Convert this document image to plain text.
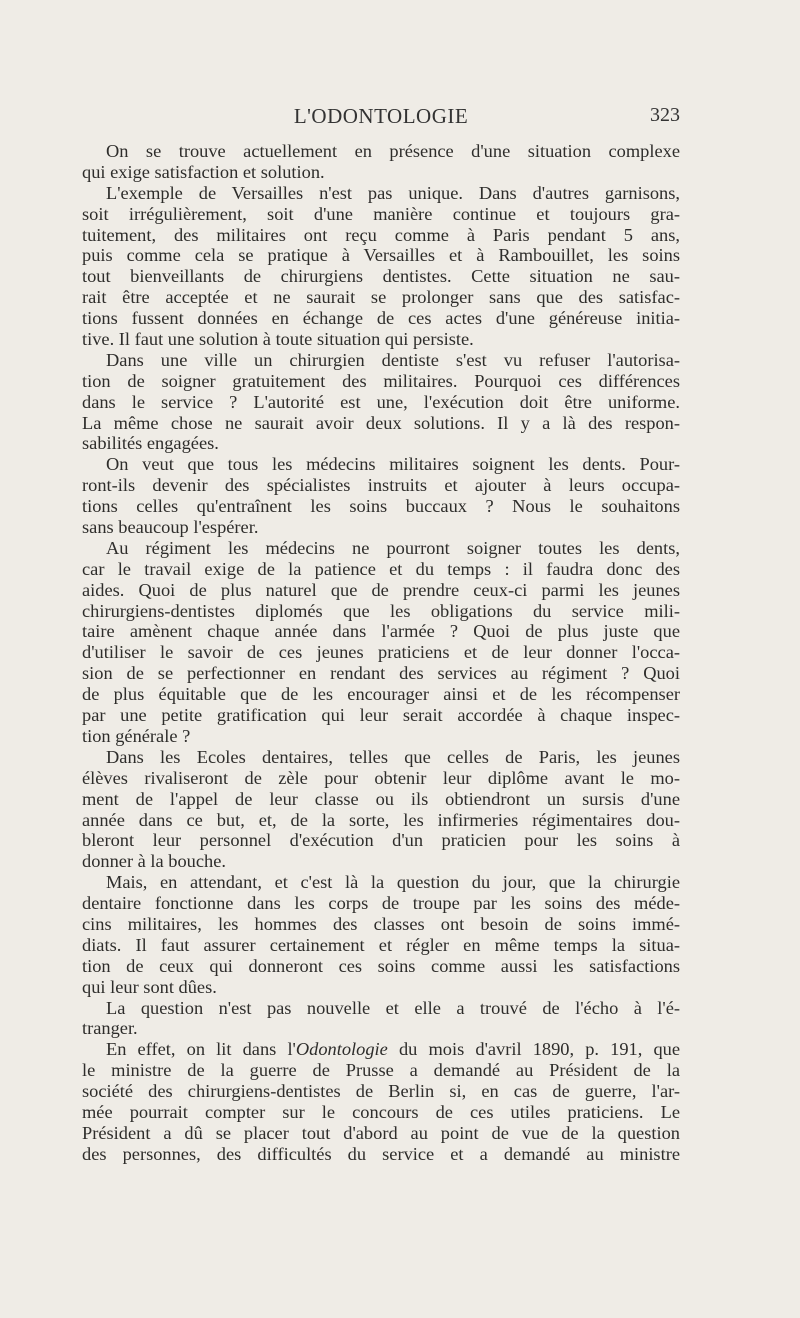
L'ODONTOLOGIE	323
On se trouve actuellement en présence d'une situation complexe
qui exige satisfaction et solution.
L'exemple de Versailles n'est pas unique. Dans d'autres garnisons,
soit irrégulièrement, soit d'une manière continue et toujours gra-
tuitement, des militaires ont reçu comme à Paris pendant 5 ans,
puis comme cela se pratique à Versailles et à Rambouillet, les soins
tout bienveillants de chirurgiens dentistes. Cette situation ne sau-
rait être acceptée et ne saurait se prolonger sans que des satisfac-
tions fussent données en échange de ces actes d'une généreuse initia-
tive. Il faut une solution à toute situation qui persiste.
Dans une ville un chirurgien dentiste s'est vu refuser l'autorisa-
tion de soigner gratuitement des militaires. Pourquoi ces différences
dans le service ? L'autorité est une, l'exécution doit être uniforme.
La même chose ne saurait avoir deux solutions. Il y a là des respon-
sabilités engagées.
On veut que tous les médecins militaires soignent les dents. Pour-
ront-ils devenir des spécialistes instruits et ajouter à leurs occupa-
tions celles qu'entraînent les soins buccaux ? Nous le souhaitons
sans beaucoup l'espérer.
Au régiment les médecins ne pourront soigner toutes les dents,
car le travail exige de la patience et du temps : il faudra donc des
aides. Quoi de plus naturel que de prendre ceux-ci parmi les jeunes
chirurgiens-dentistes diplomés que les obligations du service mili-
taire amènent chaque année dans l'armée ? Quoi de plus juste que
d'utiliser le savoir de ces jeunes praticiens et de leur donner l'occa-
sion de se perfectionner en rendant des services au régiment ? Quoi
de plus équitable que de les encourager ainsi et de les récompenser
par une petite gratification qui leur serait accordée à chaque inspec-
tion générale ?
Dans les Ecoles dentaires, telles que celles de Paris, les jeunes
élèves rivaliseront de zèle pour obtenir leur diplôme avant le mo-
ment de l'appel de leur classe ou ils obtiendront un sursis d'une
année dans ce but, et, de la sorte, les infirmeries régimentaires dou-
bleront leur personnel d'exécution d'un praticien pour les soins à
donner à la bouche.
Mais, en attendant, et c'est là la question du jour, que la chirurgie
dentaire fonctionne dans les corps de troupe par les soins des méde-
cins militaires, les hommes des classes ont besoin de soins immé-
diats. Il faut assurer certainement et régler en même temps la situa-
tion de ceux qui donneront ces soins comme aussi les satisfactions
qui leur sont dûes.
La question n'est pas nouvelle et elle a trouvé de l'écho à l'é-
tranger.
En effet, on lit dans l'Odontologie du mois d'avril 1890, p. 191, que
le ministre de la guerre de Prusse a demandé au Président de la
société des chirurgiens-dentistes de Berlin si, en cas de guerre, l'ar-
mée pourrait compter sur le concours de ces utiles praticiens. Le
Président a dû se placer tout d'abord au point de vue de la question
des personnes, des difficultés du service et a demandé au ministre
